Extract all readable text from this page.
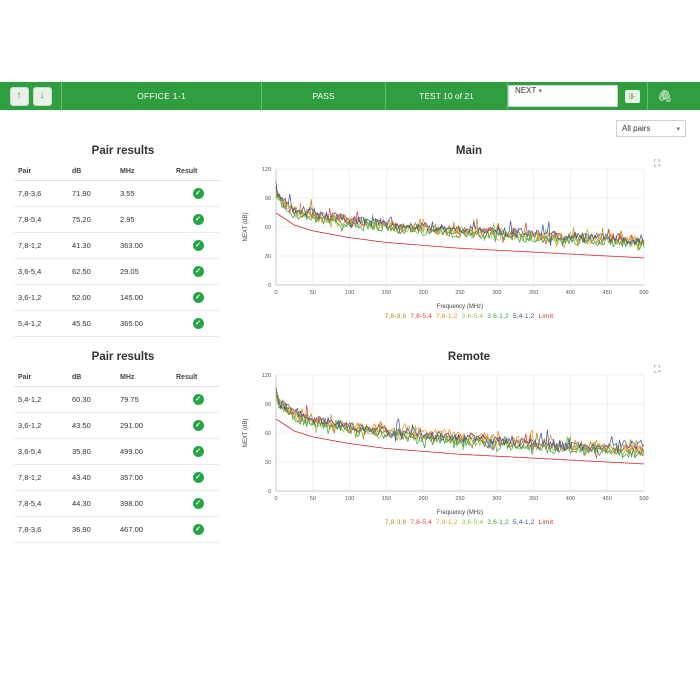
↑	↓	OFFICE 1-1	PASS	TEST 10 of 21
NEXT ▾	⊪	🖇
All pairs	▾
Pair results
Pair	dB	MHz	Result
7,8-3,6	71.90	3.55	✓
7,8-5,4	75.20	2.95	✓
7,8-1,2	41.30	363.00	✓
3,6-5,4	62.50	29.05	✓
3,6-1,2	52.00	145.00	✓
5,4-1,2	45.50	365.00	✓
Main
⛶
0
30
60
90
120
0	50	100	150	200	250	300	350	400	450	500
Frequency (MHz)
NEXT (dB)
7,8-3,6 7,8-5,4 7,8-1,2 3,6-5,4 3,6-1,2 5,4-1,2 Limit
Pair results
Pair	dB	MHz	Result
5,4-1,2	60.30	79.75	✓
3,6-1,2	43.50	291.00	✓
3,6-5,4	35.80	499.00	✓
7,8-1,2	43.40	357.00	✓
7,8-5,4	44.30	398.00	✓
7,8-3,6	36.90	467.00	✓
Remote
⛶
0
30
60
90
120
0	50	100	150	200	250	300	350	400	450	500
Frequency (MHz)
NEXT (dB)
7,8-3,6 7,8-5,4 7,8-1,2 3,6-5,4 3,6-1,2 5,4-1,2 Limit
